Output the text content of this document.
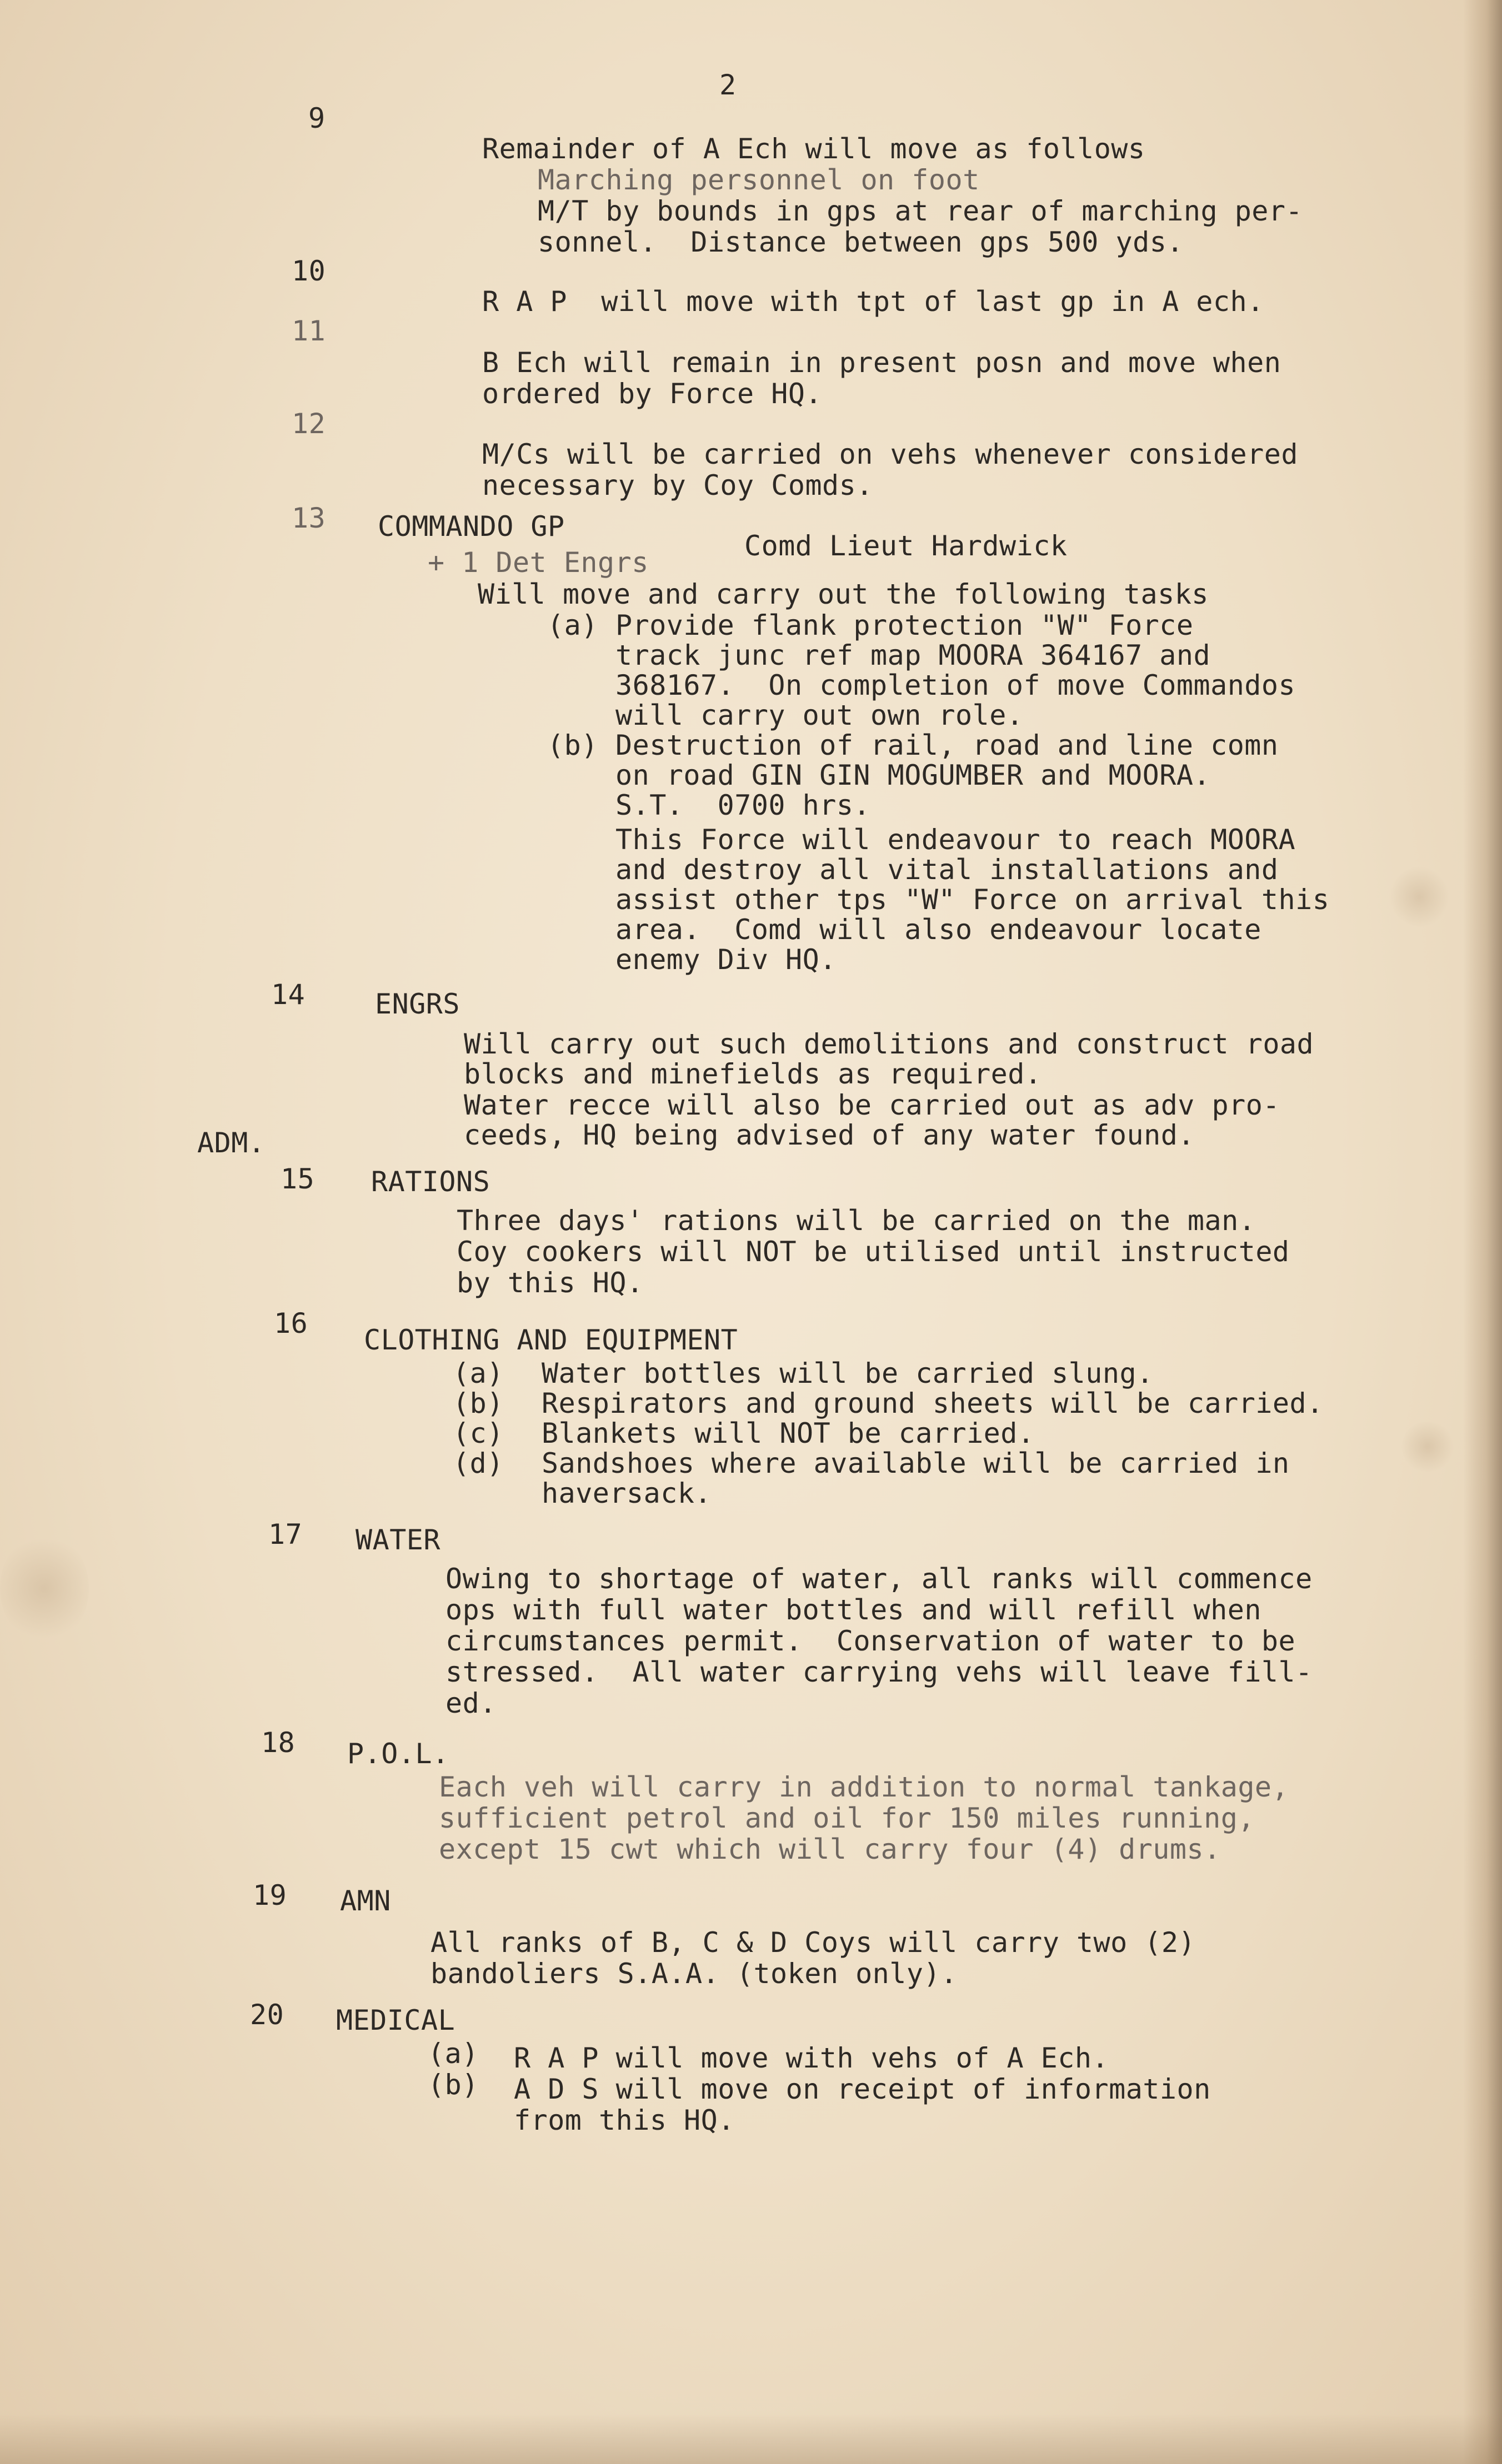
2
9
Remainder of A Ech will move as follows
Marching personnel on foot
M/T by bounds in gps at rear of marching per-
sonnel.  Distance between gps 500 yds.
10
R A P  will move with tpt of last gp in A ech.
11
B Ech will remain in present posn and move when
ordered by Force HQ.
12
M/Cs will be carried on vehs whenever considered
necessary by Coy Comds.
13 COMMANDO GP
Comd Lieut Hardwick
+ 1 Det Engrs
Will move and carry out the following tasks
(a) Provide flank protection "W" Force
track junc ref map MOORA 364167 and
368167.  On completion of move Commandos
will carry out own role.
(b) Destruction of rail, road and line comn
on road GIN GIN MOGUMBER and MOORA.
S.T.  0700 hrs.
This Force will endeavour to reach MOORA
and destroy all vital installations and
assist other tps "W" Force on arrival this
area.  Comd will also endeavour locate
enemy Div HQ.
14	ENGRS
Will carry out such demolitions and construct road
blocks and minefields as required.
Water recce will also be carried out as adv pro-
ceeds, HQ being advised of any water found.
ADM.
15 RATIONS
Three days' rations will be carried on the man.
Coy cookers will NOT be utilised until instructed
by this HQ.
16
CLOTHING AND EQUIPMENT
(a) Water bottles will be carried slung.
(b) Respirators and ground sheets will be carried.
(c) Blankets will NOT be carried.
(d) Sandshoes where available will be carried in
haversack.
17 WATER
Owing to shortage of water, all ranks will commence
ops with full water bottles and will refill when
circumstances permit.  Conservation of water to be
stressed.  All water carrying vehs will leave fill-
ed.
18 P.O.L.
Each veh will carry in addition to normal tankage,
sufficient petrol and oil for 150 miles running,
except 15 cwt which will carry four (4) drums.
19 AMN
All ranks of B, C & D Coys will carry two (2)
bandoliers S.A.A. (token only).
20 MEDICAL
(a) R A P will move with vehs of A Ech.
(b) A D S will move on receipt of information
from this HQ.
